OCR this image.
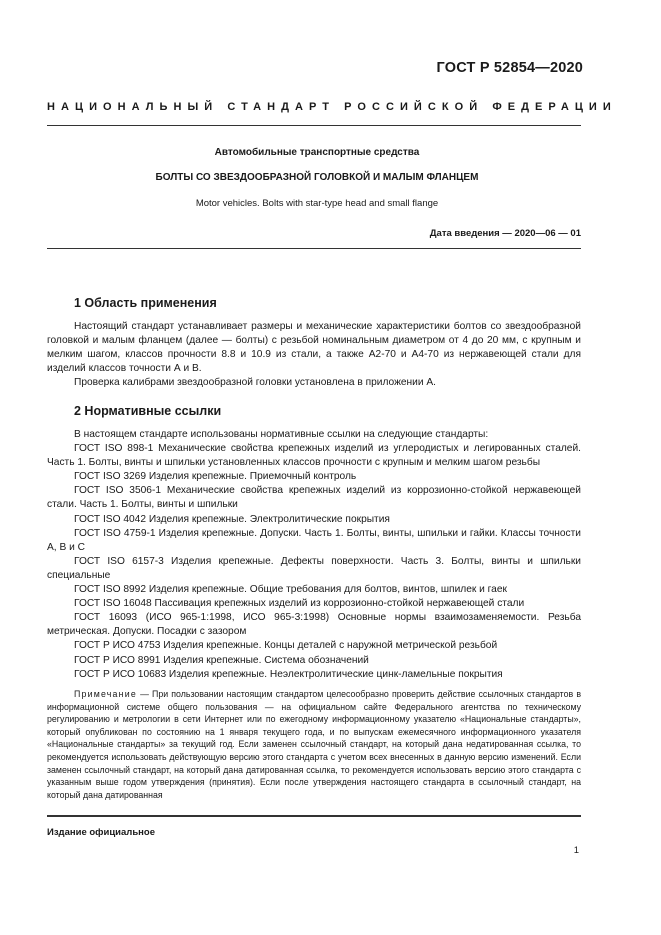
ГОСТ Р 52854—2020
НАЦИОНАЛЬНЫЙ СТАНДАРТ РОССИЙСКОЙ ФЕДЕРАЦИИ
Автомобильные транспортные средства
БОЛТЫ СО ЗВЕЗДООБРАЗНОЙ ГОЛОВКОЙ И МАЛЫМ ФЛАНЦЕМ
Motor vehicles. Bolts with star-type head and small flange
Дата введения — 2020—06 — 01
1 Область применения

Настоящий стандарт устанавливает размеры и механические характеристики болтов со звездообразной головкой и малым фланцем (далее — болты) с резьбой номинальным диаметром от 4 до 20 мм, с крупным и мелким шагом, классов прочности 8.8 и 10.9 из стали, а также А2-70 и А4-70 из нержавеющей стали для изделий классов точности А и В.

Проверка калибрами звездообразной головки установлена в приложении А.

2 Нормативные ссылки

В настоящем стандарте использованы нормативные ссылки на следующие стандарты:

ГОСТ ISO 898-1 Механические свойства крепежных изделий из углеродистых и легированных сталей. Часть 1. Болты, винты и шпильки установленных классов прочности с крупным и мелким шагом резьбы

ГОСТ ISO 3269 Изделия крепежные. Приемочный контроль

ГОСТ ISO 3506-1 Механические свойства крепежных изделий из коррозионно-стойкой нержавеющей стали. Часть 1. Болты, винты и шпильки

ГОСТ ISO 4042 Изделия крепежные. Электролитические покрытия

ГОСТ ISO 4759-1 Изделия крепежные. Допуски. Часть 1. Болты, винты, шпильки и гайки. Классы точности А, В и С

ГОСТ ISO 6157-3 Изделия крепежные. Дефекты поверхности. Часть 3. Болты, винты и шпильки специальные

ГОСТ ISO 8992 Изделия крепежные. Общие требования для болтов, винтов, шпилек и гаек

ГОСТ ISO 16048 Пассивация крепежных изделий из коррозионно-стойкой нержавеющей стали

ГОСТ 16093 (ИСО 965-1:1998, ИСО 965-3:1998) Основные нормы взаимозаменяемости. Резьба метрическая. Допуски. Посадки с зазором

ГОСТ Р ИСО 4753 Изделия крепежные. Концы деталей с наружной метрической резьбой

ГОСТ Р ИСО 8991 Изделия крепежные. Система обозначений

ГОСТ Р ИСО 10683 Изделия крепежные. Неэлектролитические цинк-ламельные покрытия

Примечание — При пользовании настоящим стандартом целесообразно проверить действие ссылочных стандартов в информационной системе общего пользования — на официальном сайте Федерального агентства по техническому регулированию и метрологии в сети Интернет или по ежегодному информационному указателю «Национальные стандарты», который опубликован по состоянию на 1 января текущего года, и по выпускам ежемесячного информационного указателя «Национальные стандарты» за текущий год. Если заменен ссылочный стандарт, на который дана недатированная ссылка, то рекомендуется использовать действующую версию этого стандарта с учетом всех внесенных в данную версию изменений. Если заменен ссылочный стандарт, на который дана датированная ссылка, то рекомендуется использовать версию этого стандарта с указанным выше годом утверждения (принятия). Если после утверждения настоящего стандарта в ссылочный стандарт, на который дана датированная

Издание официальное
1
